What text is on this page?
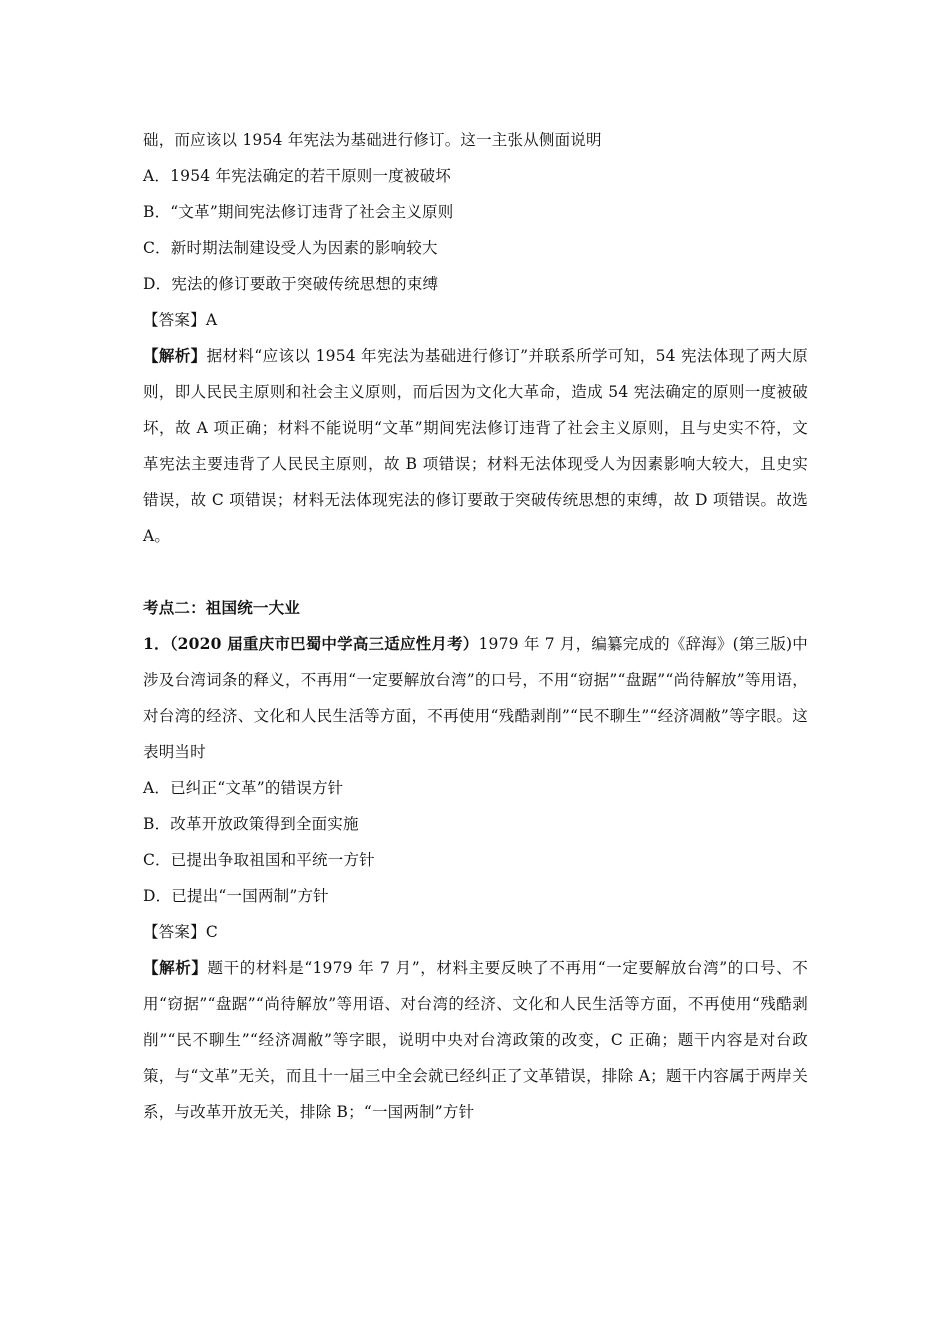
础，而应该以 1954 年宪法为基础进行修订。这一主张从侧面说明

A．1954 年宪法确定的若干原则一度被破坏

B．“文革”期间宪法修订违背了社会主义原则

C．新时期法制建设受人为因素的影响较大

D．宪法的修订要敢于突破传统思想的束缚

【答案】A

【解析】据材料“应该以 1954 年宪法为基础进行修订”并联系所学可知，54 宪法体现了两大原则，即人民民主原则和社会主义原则，而后因为文化大革命，造成 54 宪法确定的原则一度被破坏，故 A 项正确；材料不能说明“文革”期间宪法修订违背了社会主义原则，且与史实不符，文革宪法主要违背了人民民主原则，故 B 项错误；材料无法体现受人为因素影响大较大，且史实错误，故 C 项错误；材料无法体现宪法的修订要敢于突破传统思想的束缚，故 D 项错误。故选 A。

考点二：祖国统一大业

1．（2020 届重庆市巴蜀中学高三适应性月考）1979 年 7 月，编纂完成的《辞海》(第三版)中涉及台湾词条的释义，不再用“一定要解放台湾”的口号，不用“窃据”“盘踞”“尚待解放”等用语，对台湾的经济、文化和人民生活等方面，不再使用“残酷剥削”“民不聊生”“经济凋敝”等字眼。这表明当时

A．已纠正“文革”的错误方针

B．改革开放政策得到全面实施

C．已提出争取祖国和平统一方针

D．已提出“一国两制”方针

【答案】C

【解析】题干的材料是“1979 年 7 月”，材料主要反映了不再用“一定要解放台湾”的口号、不用“窃据”“盘踞”“尚待解放”等用语、对台湾的经济、文化和人民生活等方面，不再使用“残酷剥削”“民不聊生”“经济凋敝”等字眼，说明中央对台湾政策的改变，C 正确；题干内容是对台政策，与“文革”无关，而且十一届三中全会就已经纠正了文革错误，排除 A；题干内容属于两岸关系，与改革开放无关，排除 B；“一国两制”方针
